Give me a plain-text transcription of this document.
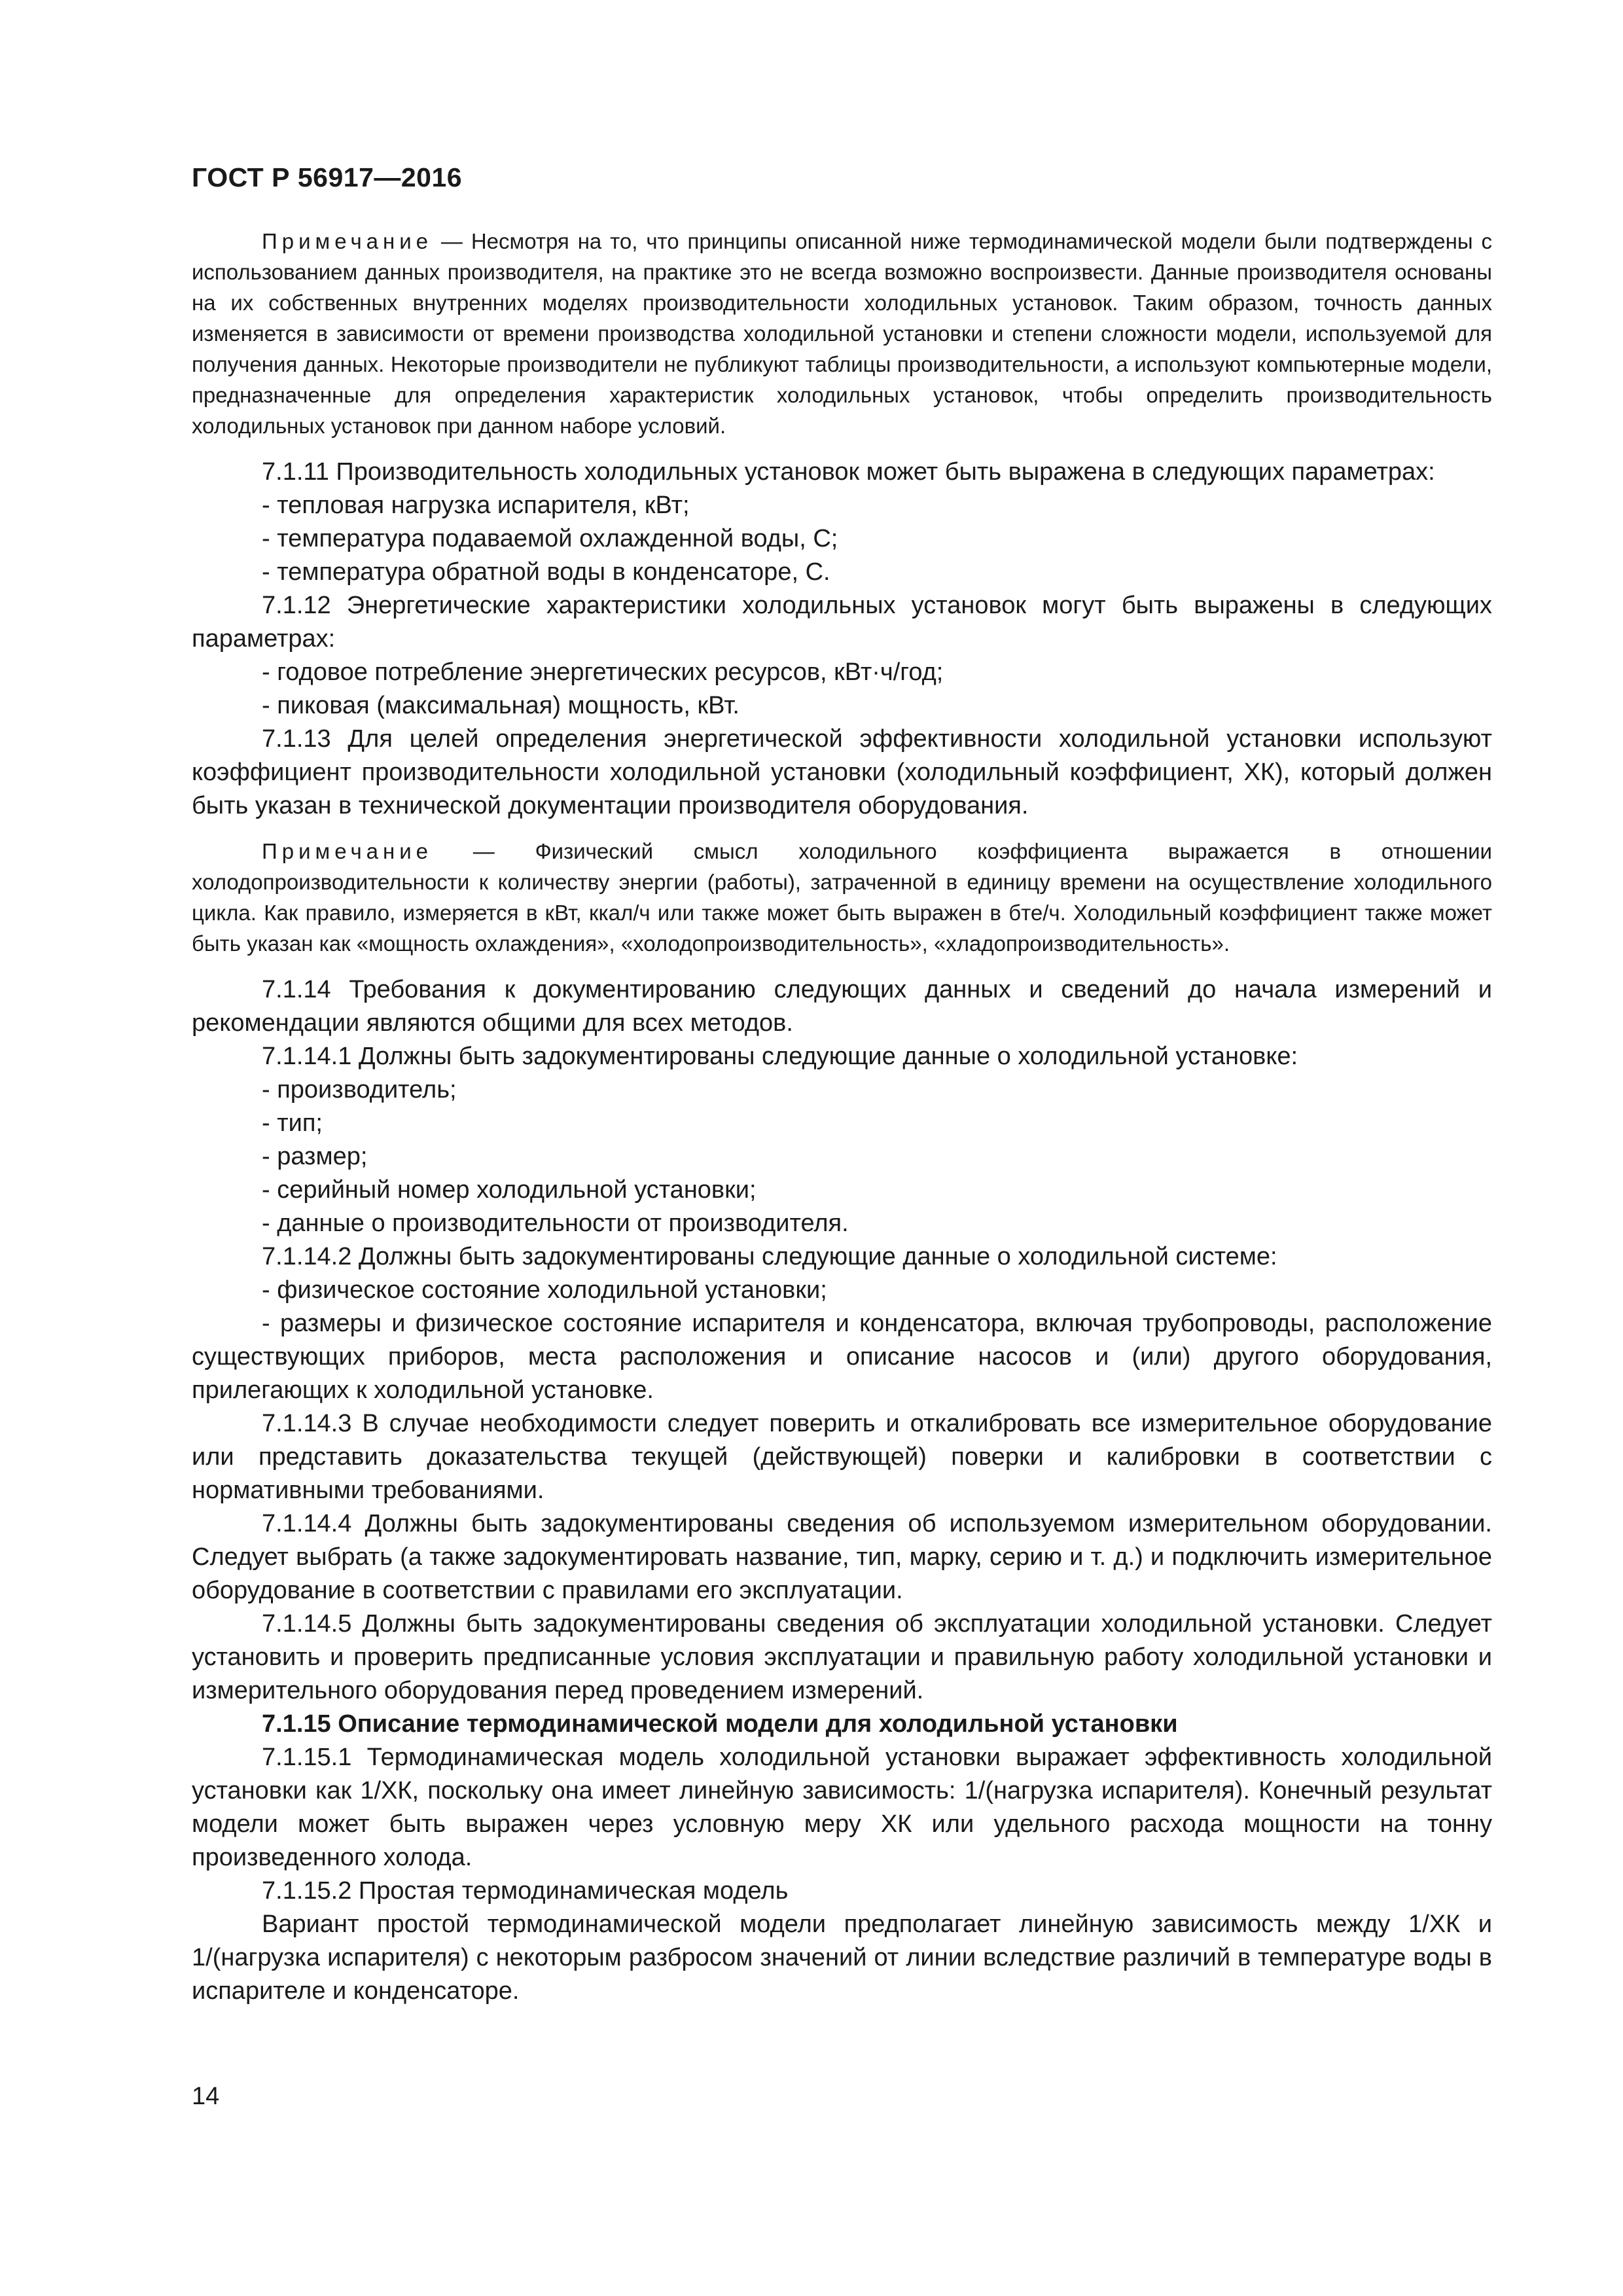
ГОСТ Р 56917—2016

Примечание — Несмотря на то, что принципы описанной ниже термодинамической модели были подтверждены с использованием данных производителя, на практике это не всегда возможно воспроизвести. Данные производителя основаны на их собственных внутренних моделях производительности холодильных установок. Таким образом, точность данных изменяется в зависимости от времени производства холодильной установки и степени сложности модели, используемой для получения данных. Некоторые производители не публикуют таблицы производительности, а используют компьютерные модели, предназначенные для определения характеристик холодильных установок, чтобы определить производительность холодильных установок при данном наборе условий.

7.1.11 Производительность холодильных установок может быть выражена в следующих параметрах:

- тепловая нагрузка испарителя, кВт;

- температура подаваемой охлажденной воды, С;

- температура обратной воды в конденсаторе, С.

7.1.12 Энергетические характеристики холодильных установок могут быть выражены в следующих параметрах:

- годовое потребление энергетических ресурсов, кВт·ч/год;

- пиковая (максимальная) мощность, кВт.

7.1.13 Для целей определения энергетической эффективности холодильной установки используют коэффициент производительности холодильной установки (холодильный коэффициент, ХК), который должен быть указан в технической документации производителя оборудования.

Примечание — Физический смысл холодильного коэффициента выражается в отношении холодопроизводительности к количеству энергии (работы), затраченной в единицу времени на осуществление холодильного цикла. Как правило, измеряется в кВт, ккал/ч или также может быть выражен в бте/ч. Холодильный коэффициент также может быть указан как «мощность охлаждения», «холодопроизводительность», «хладопроизводительность».

7.1.14 Требования к документированию следующих данных и сведений до начала измерений и рекомендации являются общими для всех методов.

7.1.14.1 Должны быть задокументированы следующие данные о холодильной установке:

- производитель;

- тип;

- размер;

- серийный номер холодильной установки;

- данные о производительности от производителя.

7.1.14.2 Должны быть задокументированы следующие данные о холодильной системе:

- физическое состояние холодильной установки;

- размеры и физическое состояние испарителя и конденсатора, включая трубопроводы, расположение существующих приборов, места расположения и описание насосов и (или) другого оборудования, прилегающих к холодильной установке.

7.1.14.3 В случае необходимости следует поверить и откалибровать все измерительное оборудование или представить доказательства текущей (действующей) поверки и калибровки в соответствии с нормативными требованиями.

7.1.14.4 Должны быть задокументированы сведения об используемом измерительном оборудовании. Следует выбрать (а также задокументировать название, тип, марку, серию и т. д.) и подключить измерительное оборудование в соответствии с правилами его эксплуатации.

7.1.14.5 Должны быть задокументированы сведения об эксплуатации холодильной установки. Следует установить и проверить предписанные условия эксплуатации и правильную работу холодильной установки и измерительного оборудования перед проведением измерений.

7.1.15 Описание термодинамической модели для холодильной установки

7.1.15.1 Термодинамическая модель холодильной установки выражает эффективность холодильной установки как 1/ХК, поскольку она имеет линейную зависимость: 1/(нагрузка испарителя). Конечный результат модели может быть выражен через условную меру ХК или удельного расхода мощности на тонну произведенного холода.

7.1.15.2 Простая термодинамическая модель

Вариант простой термодинамической модели предполагает линейную зависимость между 1/ХК и 1/(нагрузка испарителя) с некоторым разбросом значений от линии вследствие различий в температуре воды в испарителе и конденсаторе.

14
